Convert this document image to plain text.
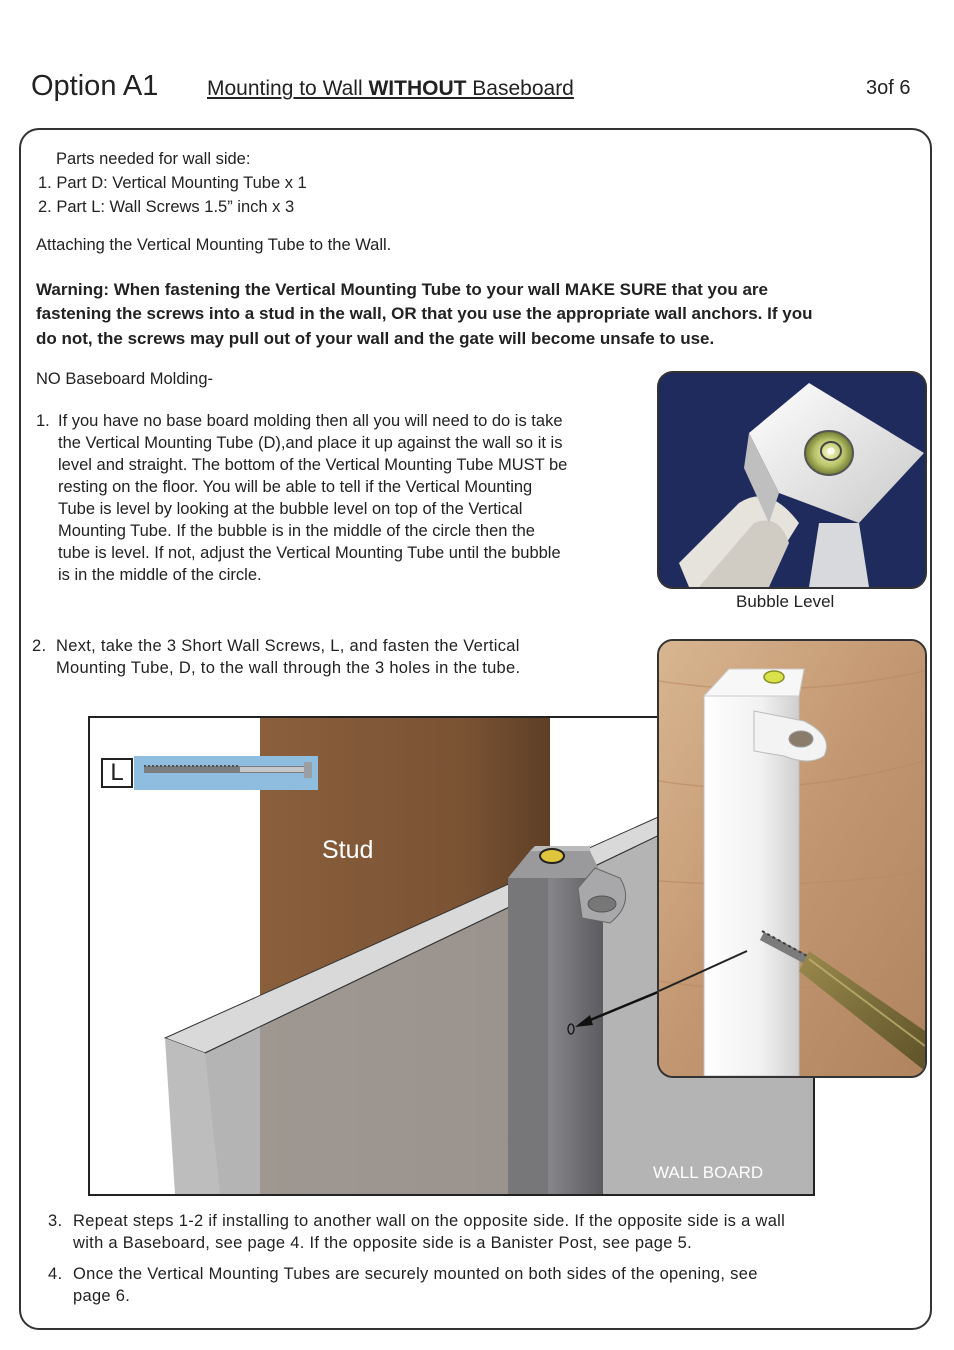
Option A1 Mounting to Wall WITHOUT Baseboard	3of 6
Parts needed for wall side:
1. Part D: Vertical Mounting Tube x 1
2. Part L: Wall Screws 1.5” inch x 3
Attaching the Vertical Mounting Tube to the Wall.
Warning: When fastening the Vertical Mounting Tube to your wall MAKE SURE that you are
fastening the screws into a stud in the wall, OR that you use the appropriate wall anchors. If you
do not, the screws may pull out of your wall and the gate will become unsafe to use.
NO Baseboard Molding-
1. If you have no base board molding then all you will need to do is take
the Vertical Mounting Tube (D),and place it up against the wall so it is
level and straight. The bottom of the Vertical Mounting Tube MUST be
resting on the floor. You will be able to tell if the Vertical Mounting
Tube is level by looking at the bubble level on top of the Vertical
Mounting Tube. If the bubble is in the middle of the circle then the
tube is level. If not, adjust the Vertical Mounting Tube until the bubble
is in the middle of the circle.
Bubble Level
2. Next, take the 3 Short Wall Screws, L, and fasten the Vertical
Mounting Tube, D, to the wall through the 3 holes in the tube.
L
Stud
WALL BOARD
3. Repeat steps 1-2 if installing to another wall on the opposite side. If the opposite side is a wall
with a Baseboard, see page 4. If the opposite side is a Banister Post, see page 5.
4. Once the Vertical Mounting Tubes are securely mounted on both sides of the opening, see
page 6.
